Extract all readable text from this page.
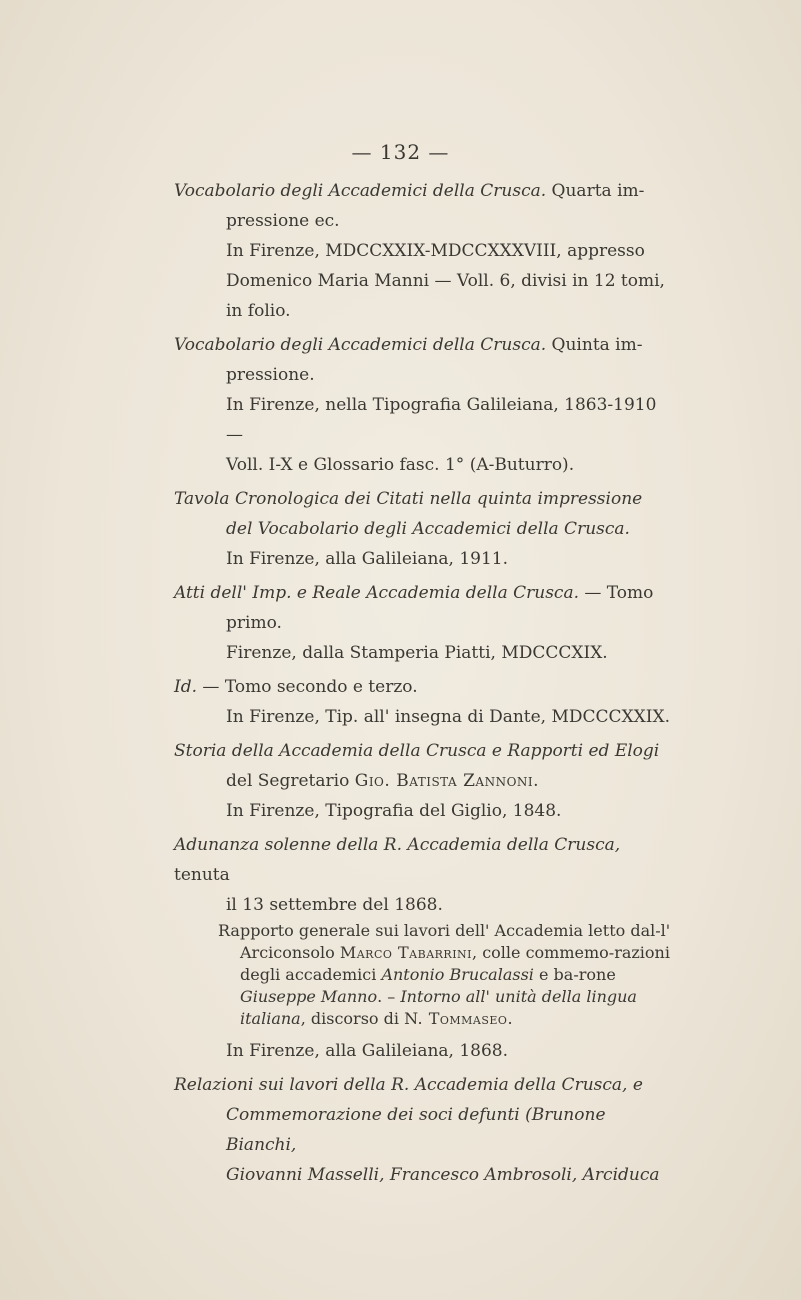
— 132 —
Vocabolario degli Accademici della Crusca. Quarta im-
pressione ec.
In Firenze, MDCCXXIX-MDCCXXXVIII, appresso
Domenico Maria Manni — Voll. 6, divisi in 12 tomi,
in folio.
Vocabolario degli Accademici della Crusca. Quinta im-
pressione.
In Firenze, nella Tipografia Galileiana, 1863-1910 —
Voll. I-X e Glossario fasc. 1° (A-Buturro).
Tavola Cronologica dei Citati nella quinta impressione
del Vocabolario degli Accademici della Crusca.
In Firenze, alla Galileiana, 1911.
Atti dell' Imp. e Reale Accademia della Crusca. — Tomo
primo.
Firenze, dalla Stamperia Piatti, MDCCCXIX.
Id. — Tomo secondo e terzo.
In Firenze, Tip. all' insegna di Dante, MDCCCXXIX.
Storia della Accademia della Crusca e Rapporti ed Elogi
del Segretario Gio. Batista Zannoni.
In Firenze, Tipografia del Giglio, 1848.
Adunanza solenne della R. Accademia della Crusca, tenuta
il 13 settembre del 1868.
Rapporto generale sui lavori dell' Accademia letto dal-l' Arciconsolo Marco Tabarrini, colle commemo-razioni degli accademici Antonio Brucalassi e ba-rone Giuseppe Manno. – Intorno all' unità della lingua italiana, discorso di N. Tommaseo.
In Firenze, alla Galileiana, 1868.
Relazioni sui lavori della R. Accademia della Crusca, e
Commemorazione dei soci defunti (Brunone Bianchi,
Giovanni Masselli, Francesco Ambrosoli, Arciduca
